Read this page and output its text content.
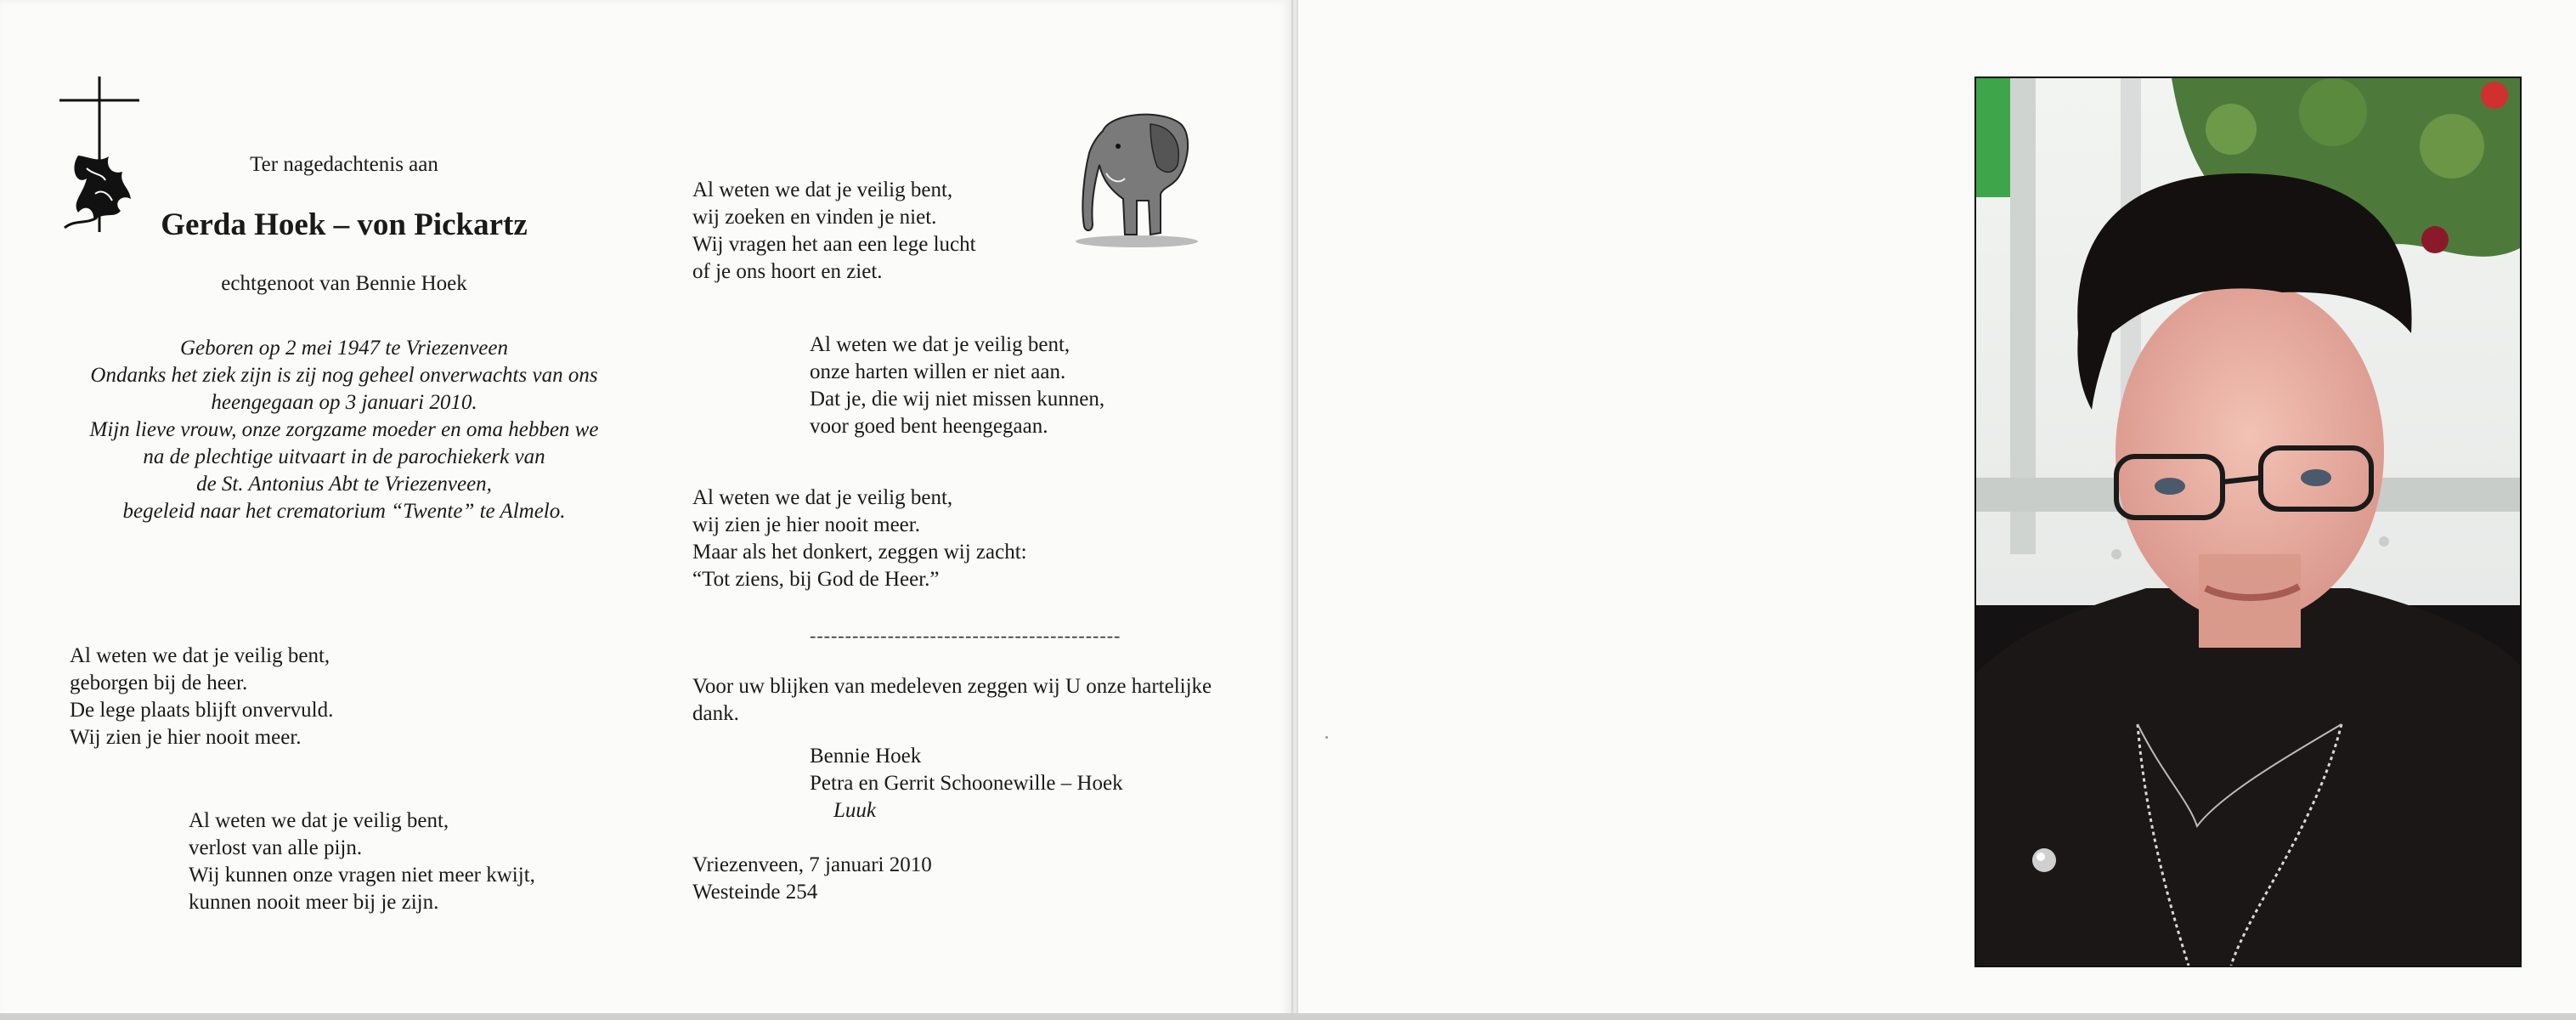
Ter nagedachtenis aan
Gerda Hoek – von Pickartz
echtgenoot van Bennie Hoek
Geboren op 2 mei 1947 te Vriezenveen
Ondanks het ziek zijn is zij nog geheel onverwachts van ons
heengegaan op 3 januari 2010.
Mijn lieve vrouw, onze zorgzame moeder en oma hebben we
na de plechtige uitvaart in de parochiekerk van
de St. Antonius Abt te Vriezenveen,
begeleid naar het crematorium “Twente” te Almelo.
Al weten we dat je veilig bent,
geborgen bij de heer.
De lege plaats blijft onvervuld.
Wij zien je hier nooit meer.
Al weten we dat je veilig bent,
verlost van alle pijn.
Wij kunnen onze vragen niet meer kwijt,
kunnen nooit meer bij je zijn.
Al weten we dat je veilig bent,
wij zoeken en vinden je niet.
Wij vragen het aan een lege lucht
of je ons hoort en ziet.
Al weten we dat je veilig bent,
onze harten willen er niet aan.
Dat je, die wij niet missen kunnen,
voor goed bent heengegaan.
Al weten we dat je veilig bent,
wij zien je hier nooit meer.
Maar als het donkert, zeggen wij zacht:
“Tot ziens, bij God de Heer.”
--------------------------------------------
Voor uw blijken van medeleven zeggen wij U onze hartelijke
dank.
Bennie Hoek
Petra en Gerrit Schoonewille – Hoek
Luuk
Vriezenveen, 7 januari 2010
Westeinde 254
